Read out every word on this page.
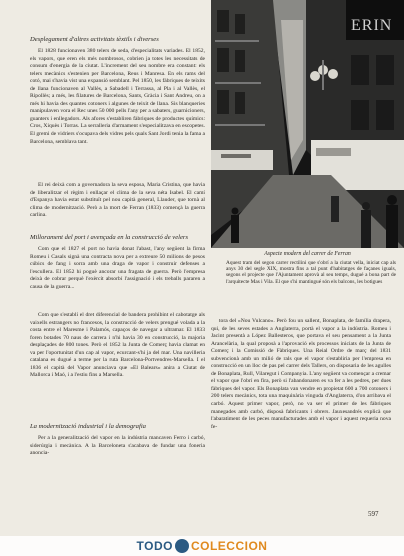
Desplegament d'altres activitats tèxtils i diverses

El 1828 funcionaven 380 telers de seda, d'especialitats variades. El 1852, els vapors, que eren els més nombrosos, cobrien ja totes les necessitats de consum d'energia de la ciutat. L'increment del seu nombre era constant: els telers mecànics s'estenien per Barcelona, Reus i Manresa. En els rams del cotó, mai s'havia vist una expansió semblant. Pel 1850, les fàbriques de teixits de llana funcionaven al Vallès, a Sabadell i Terrassa, al Pla i al Vallès, el Ripollès; a més, les filatures de Barcelona, Sants, Gràcia i Sant Andreu, on a més hi havia des quantes cotoners i algunes de teixit de llana. Sis blanqueries manipulaven vora el Rec unes 50 000 pells l'any per a sabaters, guarnicioners, guanters i enllegadors. Als afores s'establiren fàbriques de productes químics: Cros, Xiquès i Torras. La serralleria d'armament s'especialitzava en escopetes. El gremi de vidriers s'ocupava dels vidres pels quals Sant Jordi tenia la fama a Barcelona, semblava tant.

El rei deixà com a governadora la seva esposa, Maria Cristina, que havia de liberalitzar el règim i enllaçar el clima de la seva néta Isabel. El camí d'Espanya havia estat substituït pel nou capità general, Llauder, que tornà al clima de modernització. Però a la mort de Ferran (1833) començà la guerra carlina.

Millorament del port i avençada en la construcció de velers

Com que el 1827 el port no havia donat l'abast, l'any següent la firma Romeu i Casals signà una contracta nova per a extreure 50 milions de pesos cúbics de fang i sorra amb una draga de vapor i construir defenses a l'escullera. El 1852 hi poguè ancorar una fragata de guerra. Però l'empresa deixà de cobrar perquè l'exèrcit absorbí l'assignació i els treballs pararen a causa de la guerra...

Com que s'establí el dret diferencial de bandera prohibint el cabotatge als vaixells estrangers no francesos, la construcció de velers prengué volada a la costa entre el Maresme i Palamós, capaços de navegar a ultramar. El 1833 foren botades 70 naus de carrera i n'hi havia 30 en construcció, la majoria desplaçades de 800 tones. Però el 1852 la Junta de Comerç havia clamat en va per l'oportunitat d'un cap al vapor, ecurcant-s'hi ja del mar. Una navilleria catalana es dugué a terme per la ruta Barcelona-Portvendres-Marsella. I el 1836 el capità del Vapor anunciava que «El Balears» anira a Ciutat de Mallorca i Maó, i a l'estiu fins a Marsella.

La modernització industrial i la demografia

Per a la generalització del vapor en la indústria mancaven Ferro i carbó, siderúrgia i mecànica. A la Barceloneta s'acabava de fundar una foneria anoncia-

ERIN

Aspecte modern del carrer de Ferran

Aquest tram del segon carrer rectilini que s'obrí a la ciutat vella, iniciat cap als anys 30 del segle XIX, mostra fins a tal punt d'habitatges de façanes iguals, segons el projecte que l'Ajuntament aprovà al seu temps, dugué a bona part de l'arquitecte Mas i Vila. El que s'hi mantingué són els balcons, les botigues

tora del «Nou Vulcano». Però fou un sallent, Bonaplata, de família drapera, qui, de les seves estades a Anglaterra, portà el vapor a la indústria. Romeu i Jacint presentà a López Ballesteros, que portava el seu pensament a la Junta Arancelària, la qual proposà a l'aprovació els processos iniciats de la Junta de Comerç i la Comissió de Fàbriques. Una Reial Ordre de març del 1831 subvencionà amb un milió de rals que el vapor s'establiria per l'empresa en construcció en un lloc de pas pel carrer dels Tallers, on disposaria de les agulles de Bonaplata, Rull, Vilaregut i Companyia. L'any següent va començar a cremar el vapor que l'obrí en fira, però si l'abandonaren es va fer a les pedres, per dues fàbriques del vapor. Els Bonaplata van vendre en propietat 600 a 700 cotoners i 200 telers mecànics, tota una maquinària vinguda d'Anglaterra, d'on arribava el carbó. Aquest primer vapor, però, no va ser el primer de les fàbriques manegades amb carbó, disposà fabricants i obrers. Jauxesandrés explicà que l'abaratiment de les peces manufacturades amb el vapor i aquest requeria nova fe-

597

TODO COLECCION
